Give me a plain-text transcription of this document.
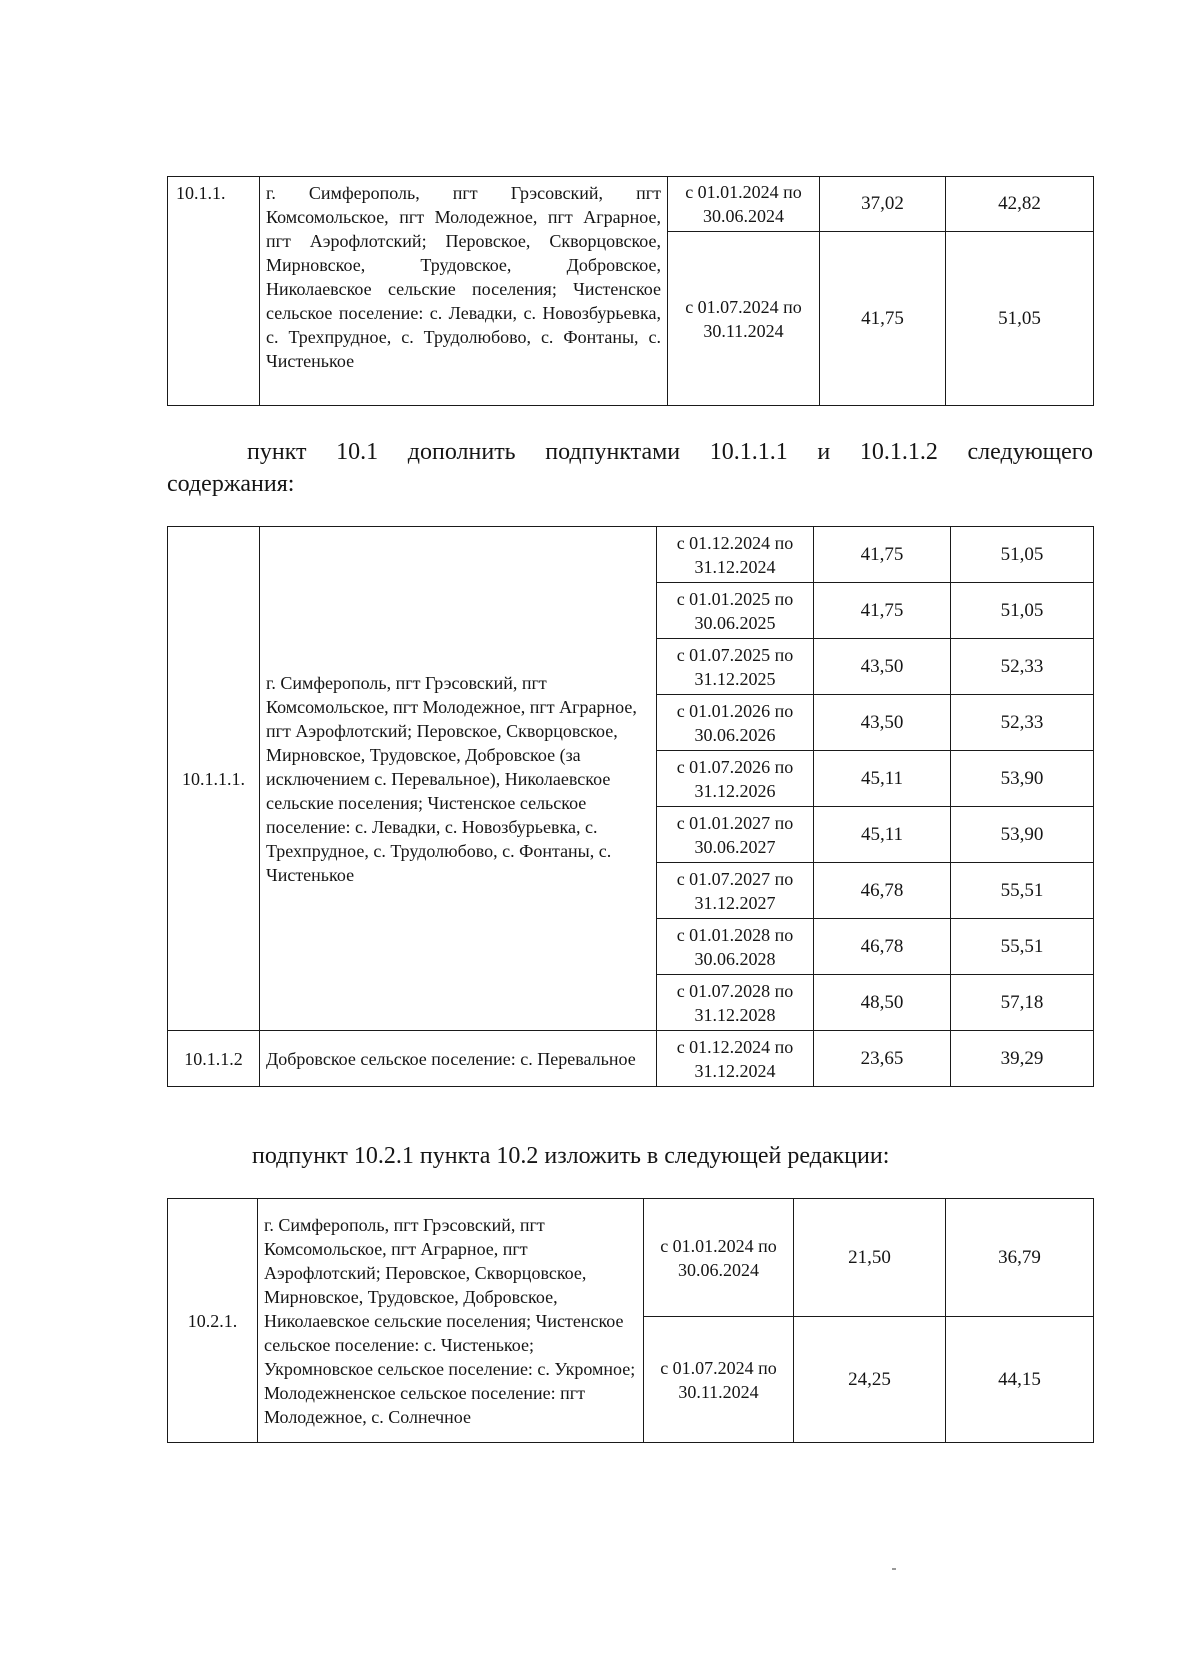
10.1.1.	г. Симферополь, пгт Грэсовский, пгт Комсомольское, пгт Молодежное, пгт Аграрное, пгт Аэрофлотский; Перовское, Скворцовское, Мирновское, Трудовское, Добровское, Николаевское сельские поселения; Чистенское сельское поселение: с. Левадки, с. Новозбурьевка, с. Трехпрудное, с. Трудолюбово, с. Фонтаны, с. Чистенькое	с 01.01.2024 по 30.06.2024	37,02	42,82
		с 01.07.2024 по 30.11.2024	41,75	51,05

пункт 10.1 дополнить подпунктами 10.1.1.1 и 10.1.1.2 следующего содержания:

10.1.1.1.	г. Симферополь, пгт Грэсовский, пгт Комсомольское, пгт Молодежное, пгт Аграрное, пгт Аэрофлотский; Перовское, Скворцовское, Мирновское, Трудовское, Добровское (за исключением с. Перевальное), Николаевское сельские поселения; Чистенское сельское поселение: с. Левадки, с. Новозбурьевка, с. Трехпрудное, с. Трудолюбово, с. Фонтаны, с. Чистенькое	с 01.12.2024 по 31.12.2024	41,75	51,05
		с 01.01.2025 по 30.06.2025	41,75	51,05
		с 01.07.2025 по 31.12.2025	43,50	52,33
		с 01.01.2026 по 30.06.2026	43,50	52,33
		с 01.07.2026 по 31.12.2026	45,11	53,90
		с 01.01.2027 по 30.06.2027	45,11	53,90
		с 01.07.2027 по 31.12.2027	46,78	55,51
		с 01.01.2028 по 30.06.2028	46,78	55,51
		с 01.07.2028 по 31.12.2028	48,50	57,18
10.1.1.2	Добровское сельское поселение: с. Перевальное	с 01.12.2024 по 31.12.2024	23,65	39,29

подпункт 10.2.1 пункта 10.2 изложить в следующей редакции:

10.2.1.	г. Симферополь, пгт Грэсовский, пгт Комсомольское, пгт Аграрное, пгт Аэрофлотский; Перовское, Скворцовское, Мирновское, Трудовское, Добровское, Николаевское сельские поселения; Чистенское сельское поселение: с. Чистенькое; Укромновское сельское поселение: с. Укромное; Молодежненское сельское поселение: пгт Молодежное, с. Солнечное	с 01.01.2024 по 30.06.2024	21,50	36,79
		с 01.07.2024 по 30.11.2024	24,25	44,15
